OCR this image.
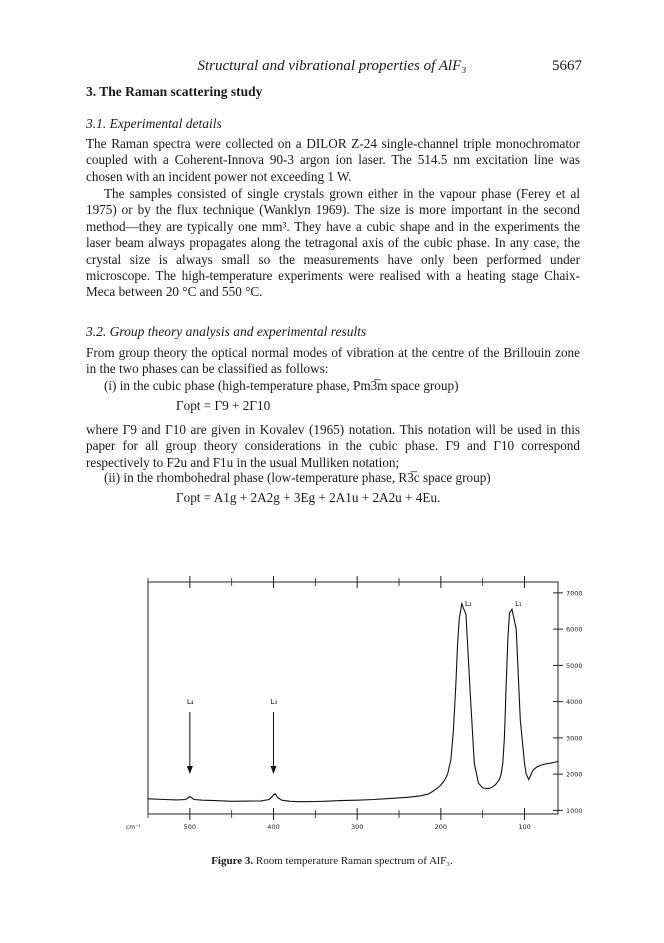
Structural and vibrational properties of AlF₃	5667
3. The Raman scattering study
3.1. Experimental details
The Raman spectra were collected on a DILOR Z-24 single-channel triple monochromator coupled with a Coherent-Innova 90-3 argon ion laser. The 514.5 nm excitation line was chosen with an incident power not exceeding 1 W.
The samples consisted of single crystals grown either in the vapour phase (Ferey et al 1975) or by the flux technique (Wanklyn 1969). The size is more important in the second method—they are typically one mm³. They have a cubic shape and in the experiments the laser beam always propagates along the tetragonal axis of the cubic phase. In any case, the crystal size is always small so the measurements have only been performed under microscope. The high-temperature experiments were realised with a heating stage Chaix-Meca between 20 °C and 550 °C.
3.2. Group theory analysis and experimental results
From group theory the optical normal modes of vibration at the centre of the Brillouin zone in the two phases can be classified as follows:
(i) in the cubic phase (high-temperature phase, Pm3̅m space group)
Γopt = Γ9 + 2Γ10
where Γ9 and Γ10 are given in Kovalev (1965) notation. This notation will be used in this paper for all group theory considerations in the cubic phase. Γ9 and Γ10 correspond respectively to F2u and F1u in the usual Mulliken notation;
(ii) in the rhombohedral phase (low-temperature phase, R3̅c space group)
Γopt = A1g + 2A2g + 3Eg + 2A1u + 2A2u + 4Eu.
500	400	300	200	100
cm⁻¹
1000
2000
3000
4000
5000
6000
7000
L₄	L₃
L₂	L₁
Figure 3. Room temperature Raman spectrum of AlF₃.
